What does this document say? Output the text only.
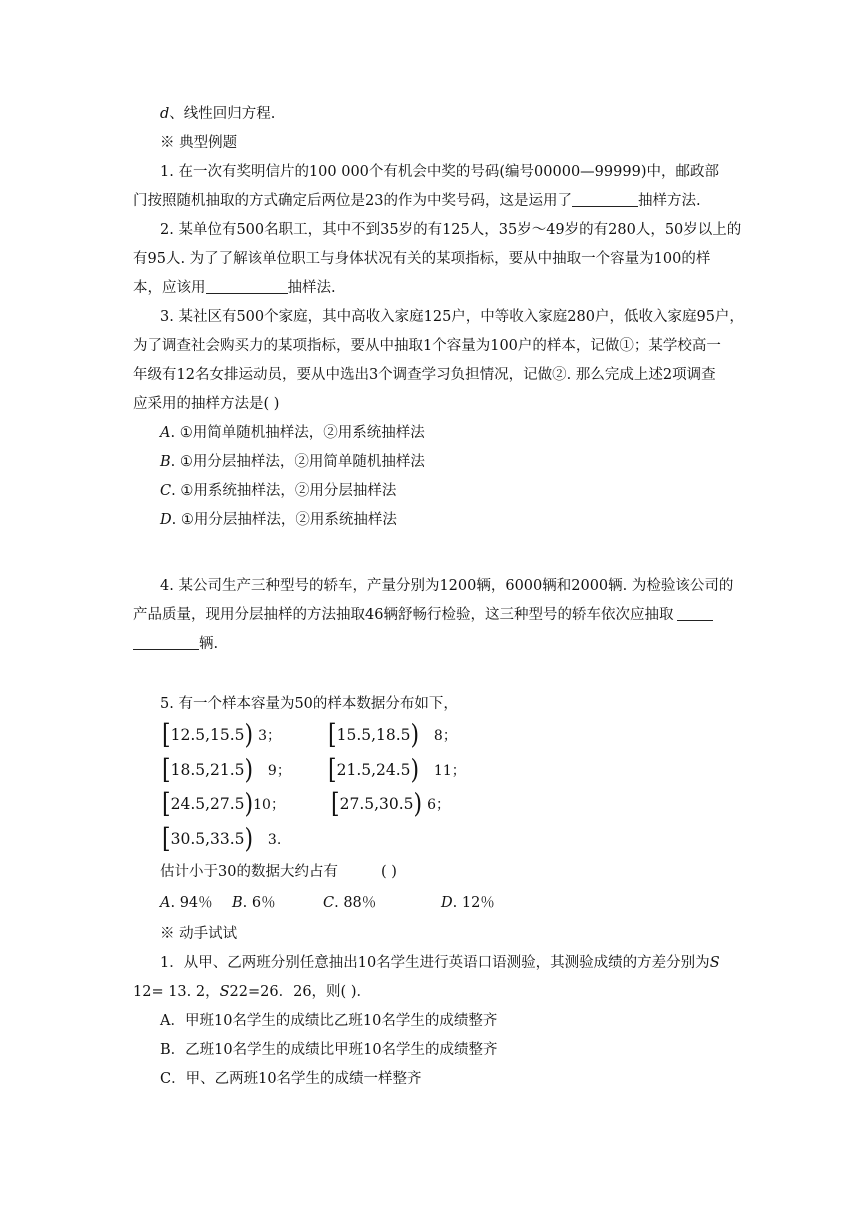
d、线性回归方程.
※ 典型例题
1. 在一次有奖明信片的100 000个有机会中奖的号码(编号00000—99999)中，邮政部
门按照随机抽取的方式确定后两位是23的作为中奖号码，这是运用了	抽样方法.
2. 某单位有500名职工，其中不到35岁的有125人，35岁～49岁的有280人，50岁以上的
有95人. 为了了解该单位职工与身体状况有关的某项指标，要从中抽取一个容量为100的样
本，应该用	抽样法.
3. 某社区有500个家庭，其中高收入家庭125户，中等收入家庭280户，低收入家庭95户，
为了调查社会购买力的某项指标，要从中抽取1个容量为100户的样本，记做①；某学校高一
年级有12名女排运动员，要从中选出3个调查学习负担情况，记做②. 那么完成上述2项调查
应采用的抽样方法是( )
A. ①用简单随机抽样法，②用系统抽样法
B. ①用分层抽样法，②用简单随机抽样法
C. ①用系统抽样法，②用分层抽样法
D. ①用分层抽样法，②用系统抽样法
4. 某公司生产三种型号的轿车，产量分别为1200辆，6000辆和2000辆. 为检验该公司的
产品质量，现用分层抽样的方法抽取46辆舒畅行检验，这三种型号的轿车依次应抽取
辆.
5. 有一个样本容量为50的样本数据分布如下，
[12.5,15.5) 3； [15.5,18.5) 8；
[18.5,21.5) 9； [21.5,24.5) 11；
[24.5,27.5)10； [27.5,30.5) 6；
[30.5,33.5) 3.
估计小于30的数据大约占有	( )
A. 94％ B. 6％	C. 88％	D. 12％
※ 动手试试
1．从甲、乙两班分别任意抽出10名学生进行英语口语测验，其测验成绩的方差分别为S
12= 13. 2，S22=26．26，则( )．
A．甲班10名学生的成绩比乙班10名学生的成绩整齐
B．乙班10名学生的成绩比甲班10名学生的成绩整齐
C．甲、乙两班10名学生的成绩一样整齐
